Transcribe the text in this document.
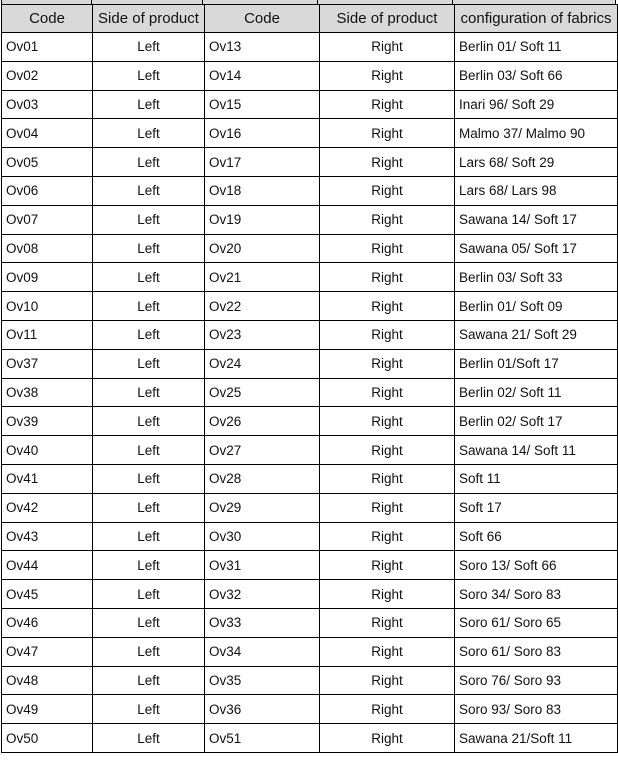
Code	Side of product	Code	Side of product	configuration of fabrics
Ov01	Left	Ov13	Right	Berlin 01/ Soft 11
Ov02	Left	Ov14	Right	Berlin 03/ Soft 66
Ov03	Left	Ov15	Right	Inari 96/ Soft 29
Ov04	Left	Ov16	Right	Malmo 37/ Malmo 90
Ov05	Left	Ov17	Right	Lars 68/ Soft 29
Ov06	Left	Ov18	Right	Lars 68/ Lars 98
Ov07	Left	Ov19	Right	Sawana 14/ Soft 17
Ov08	Left	Ov20	Right	Sawana 05/ Soft 17
Ov09	Left	Ov21	Right	Berlin 03/ Soft 33
Ov10	Left	Ov22	Right	Berlin 01/ Soft 09
Ov11	Left	Ov23	Right	Sawana 21/ Soft 29
Ov37	Left	Ov24	Right	Berlin 01/Soft 17
Ov38	Left	Ov25	Right	Berlin 02/ Soft 11
Ov39	Left	Ov26	Right	Berlin 02/ Soft 17
Ov40	Left	Ov27	Right	Sawana 14/ Soft 11
Ov41	Left	Ov28	Right	Soft 11
Ov42	Left	Ov29	Right	Soft 17
Ov43	Left	Ov30	Right	Soft 66
Ov44	Left	Ov31	Right	Soro 13/ Soft 66
Ov45	Left	Ov32	Right	Soro 34/ Soro 83
Ov46	Left	Ov33	Right	Soro 61/ Soro 65
Ov47	Left	Ov34	Right	Soro 61/ Soro 83
Ov48	Left	Ov35	Right	Soro 76/ Soro 93
Ov49	Left	Ov36	Right	Soro 93/ Soro 83
Ov50	Left	Ov51	Right	Sawana 21/Soft 11
